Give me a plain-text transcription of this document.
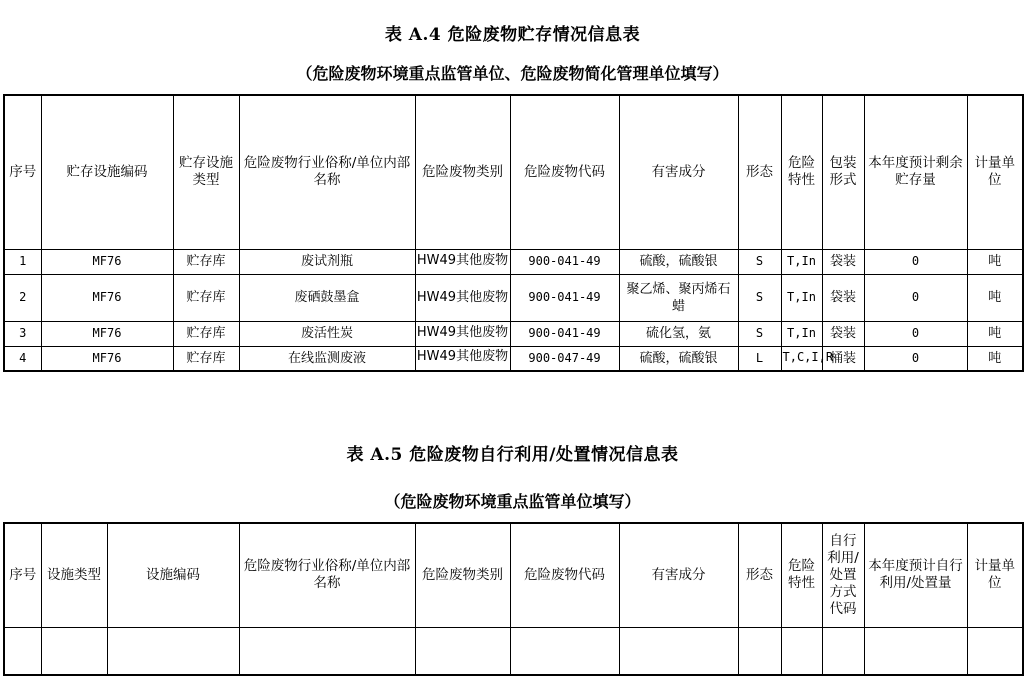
表 A.4 危险废物贮存情况信息表
（危险废物环境重点监管单位、危险废物简化管理单位填写）
序号	贮存设施编码	贮存设施类型	危险废物行业俗称/单位内部名称	危险废物类别	危险废物代码	有害成分	形态	危险特性	包装形式	本年度预计剩余贮存量	计量单位
1	MF76	贮存库	废试剂瓶	HW49其他废物	900-041-49	硫酸，硫酸银	S	T,In	袋装	0	吨
2	MF76	贮存库	废硒鼓墨盒	HW49其他废物	900-041-49	聚乙烯、聚丙烯石蜡	S	T,In	袋装	0	吨
3	MF76	贮存库	废活性炭	HW49其他废物	900-041-49	硫化氢，氨	S	T,In	袋装	0	吨
4	MF76	贮存库	在线监测废液	HW49其他废物	900-047-49	硫酸，硫酸银	L	T,C,I,R	桶装	0	吨
表 A.5 危险废物自行利用/处置情况信息表
（危险废物环境重点监管单位填写）
序号	设施类型	设施编码	危险废物行业俗称/单位内部名称	危险废物类别	危险废物代码	有害成分	形态	危险特性	自行利用/处置方式代码	本年度预计自行利用/处置量	计量单位
